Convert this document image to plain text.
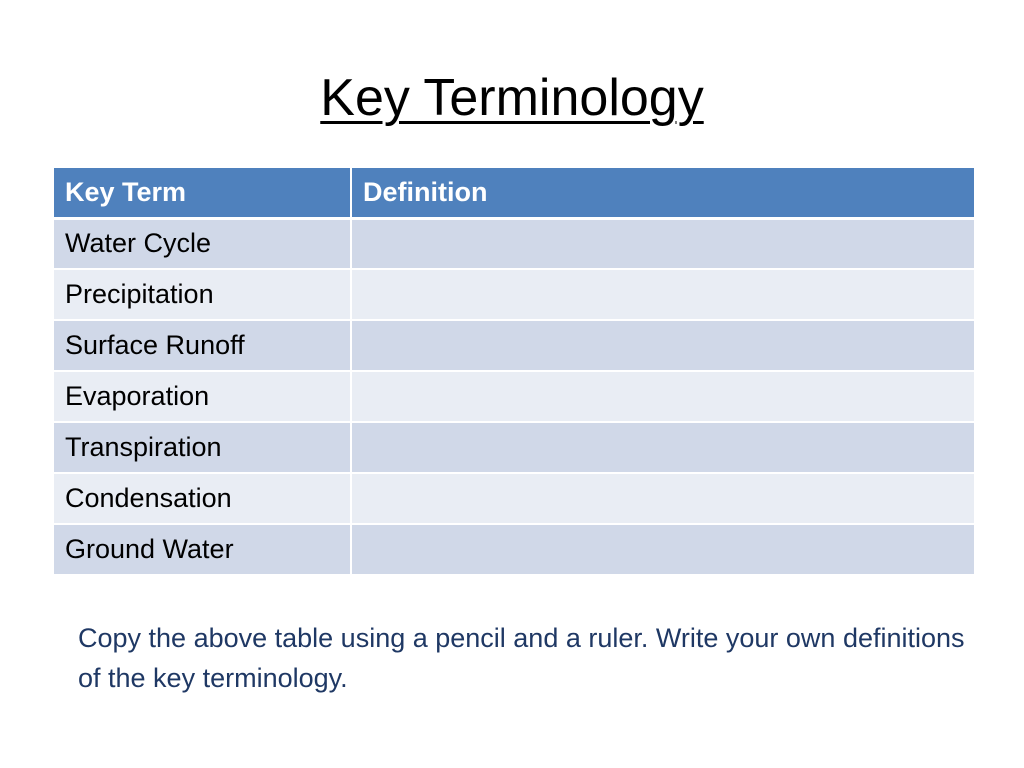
Key Terminology
Key Term	Definition
Water Cycle	
Precipitation	
Surface Runoff	
Evaporation	
Transpiration	
Condensation	
Ground Water	

Copy the above table using a pencil and a ruler. Write your own definitions of the key terminology.
